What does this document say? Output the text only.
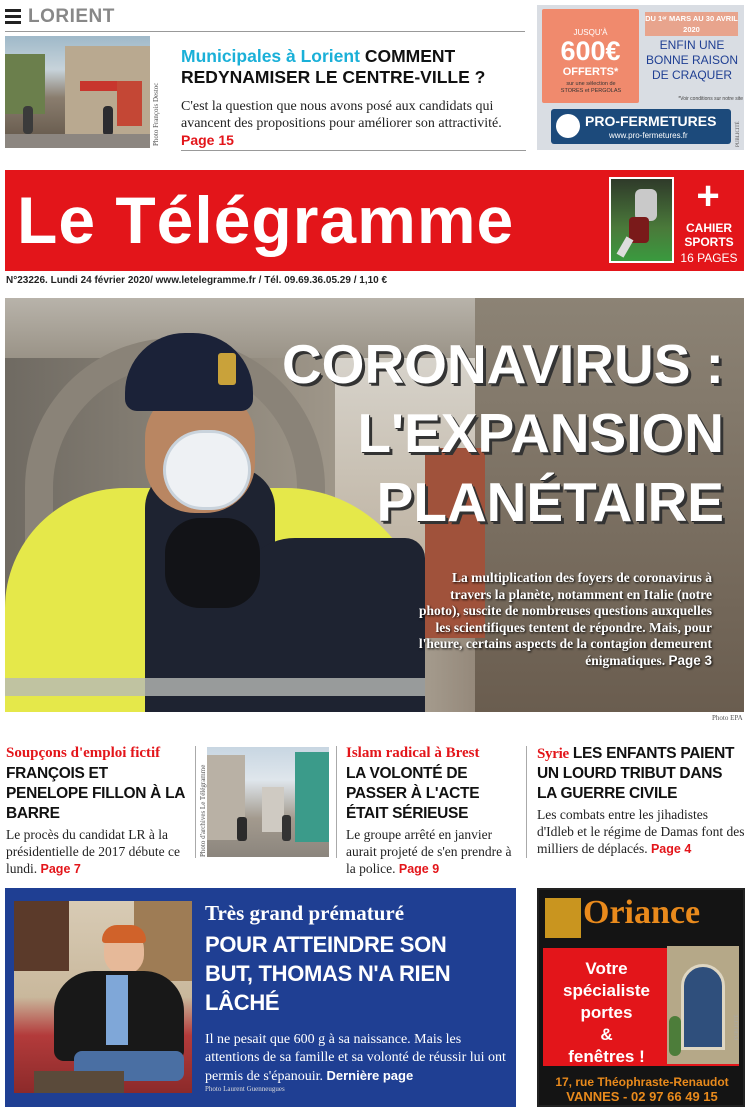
LORIENT
Photo François Destoc
Municipales à Lorient COMMENT REDYNAMISER LE CENTRE-VILLE ?
C'est la question que nous avons posé aux candidats qui avancent des propositions pour améliorer son attractivité. Page 15
JUSQU'À
600€
OFFERTS*
sur une sélection de STORES et PERGOLAS
DU 1ᵉʳ MARS AU 30 AVRIL 2020
ENFIN UNE BONNE RAISON DE CRAQUER
*Voir conditions sur notre site
PRO-FERMETURES
www.pro-fermetures.fr	PUBLICITÉ
Le Télégramme	+
CAHIER SPORTS
16 PAGES
N°23226. Lundi 24 février 2020/ www.letelegramme.fr / Tél. 09.69.36.05.29 / 1,10 €
CORONAVIRUS :
L'EXPANSION
PLANÉTAIRE
La multiplication des foyers de coronavirus à travers la planète, notamment en Italie (notre photo), suscite de nombreuses questions auxquelles les scientifiques tentent de répondre. Mais, pour l'heure, certains aspects de la contagion demeurent énigmatiques. Page 3
Photo EPA
Soupçons d'emploi fictif
FRANÇOIS ET PENELOPE FILLON À LA BARRE
Le procès du candidat LR à la présidentielle de 2017 débute ce lundi. Page 7
Photo d'archives Le Télégramme
Islam radical à Brest
LA VOLONTÉ DE PASSER À L'ACTE ÉTAIT SÉRIEUSE
Le groupe arrêté en janvier aurait projeté de s'en prendre à la police. Page 9
Syrie LES ENFANTS PAIENT UN LOURD TRIBUT DANS LA GUERRE CIVILE
Les combats entre les jihadistes d'Idleb et le régime de Damas font des milliers de déplacés. Page 4
Très grand prématuré
POUR ATTEINDRE SON BUT, THOMAS N'A RIEN LÂCHÉ
Il ne pesait que 600 g à sa naissance. Mais les attentions de sa famille et sa volonté de réussir lui ont permis de s'épanouir. Dernière page
Photo Laurent Guenneugues
Oriance
Votre
spécialiste
portes
&
fenêtres !
17, rue Théophraste-Renaudot
VANNES - 02 97 66 49 15
PUBLICITÉ
